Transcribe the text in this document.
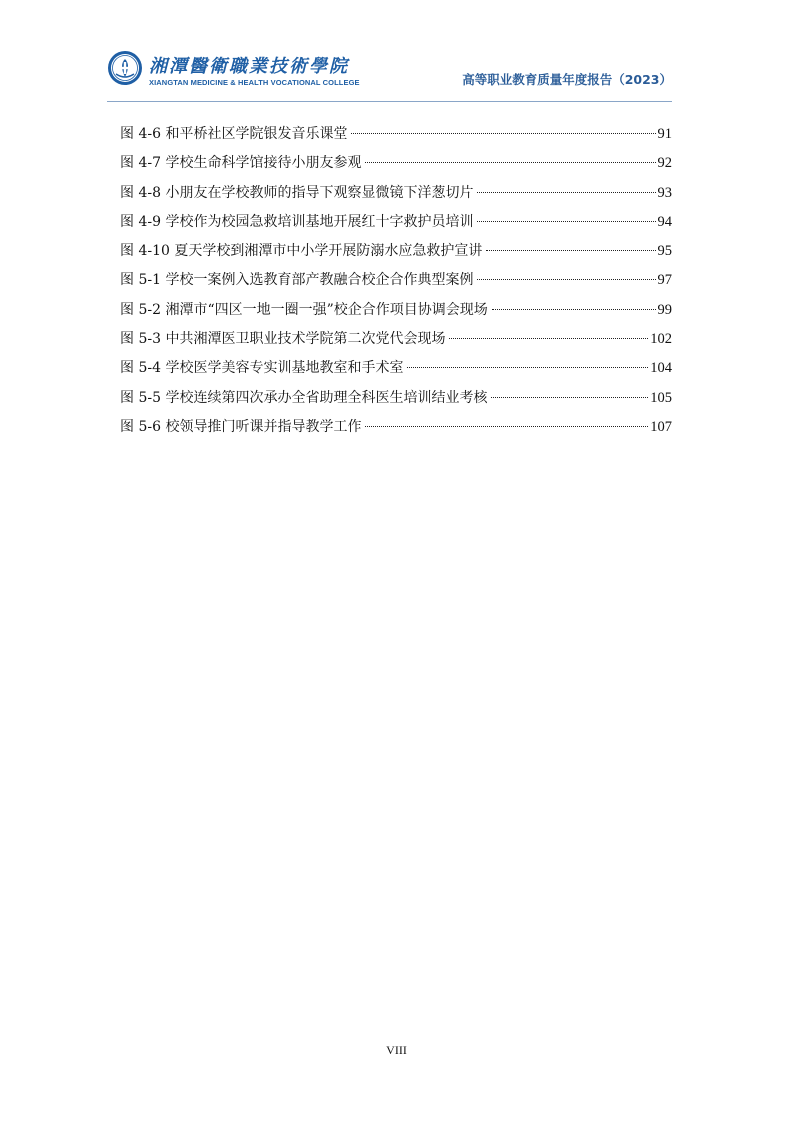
湘潭醫衛職業技術學院
XIANGTAN MEDICINE & HEALTH VOCATIONAL COLLEGE	高等职业教育质量年度报告（2023）
图 4-6 和平桥社区学院银发音乐课堂	91
图 4-7 学校生命科学馆接待小朋友参观	92
图 4-8 小朋友在学校教师的指导下观察显微镜下洋葱切片	93
图 4-9 学校作为校园急救培训基地开展红十字救护员培训	94
图 4-10 夏天学校到湘潭市中小学开展防溺水应急救护宣讲	95
图 5-1 学校一案例入选教育部产教融合校企合作典型案例	97
图 5-2 湘潭市“四区一地一圈一强”校企合作项目协调会现场	99
图 5-3 中共湘潭医卫职业技术学院第二次党代会现场	102
图 5-4 学校医学美容专实训基地教室和手术室	104
图 5-5 学校连续第四次承办全省助理全科医生培训结业考核	105
图 5-6 校领导推门听课并指导教学工作	107
VIII
